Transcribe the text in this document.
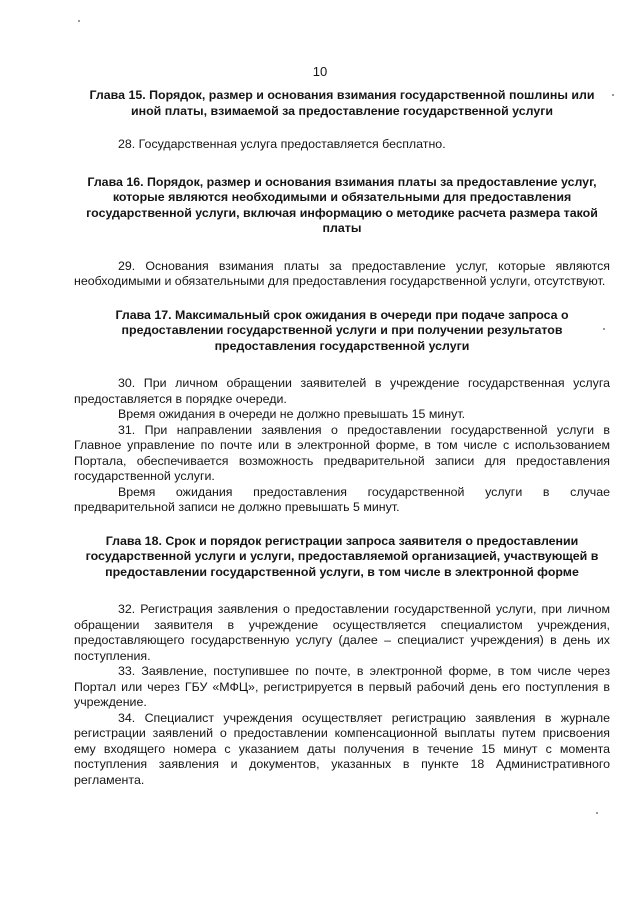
10

Глава 15. Порядок, размер и основания взимания государственной пошлины или иной платы, взимаемой за предоставление государственной услуги

28. Государственная услуга предоставляется бесплатно.

Глава 16. Порядок, размер и основания взимания платы за предоставление услуг, которые являются необходимыми и обязательными для предоставления государственной услуги, включая информацию о методике расчета размера такой платы

29. Основания взимания платы за предоставление услуг, которые являются необходимыми и обязательными для предоставления государственной услуги, отсутствуют.

Глава 17. Максимальный срок ожидания в очереди при подаче запроса о предоставлении государственной услуги и при получении результатов предоставления государственной услуги

30. При личном обращении заявителей в учреждение государственная услуга предоставляется в порядке очереди.

Время ожидания в очереди не должно превышать 15 минут.

31. При направлении заявления о предоставлении государственной услуги в Главное управление по почте или в электронной форме, в том числе с использованием Портала, обеспечивается возможность предварительной записи для предоставления государственной услуги.

Время ожидания предоставления государственной услуги в случае предварительной записи не должно превышать 5 минут.

Глава 18. Срок и порядок регистрации запроса заявителя о предоставлении государственной услуги и услуги, предоставляемой организацией, участвующей в предоставлении государственной услуги, в том числе в электронной форме

32. Регистрация заявления о предоставлении государственной услуги, при личном обращении заявителя в учреждение осуществляется специалистом учреждения, предоставляющего государственную услугу (далее – специалист учреждения) в день их поступления.

33. Заявление, поступившее по почте, в электронной форме, в том числе через Портал или через ГБУ «МФЦ», регистрируется в первый рабочий день его поступления в учреждение.

34. Специалист учреждения осуществляет регистрацию заявления в журнале регистрации заявлений о предоставлении компенсационной выплаты путем присвоения ему входящего номера с указанием даты получения в течение 15 минут с момента поступления заявления и документов, указанных в пункте 18 Административного регламента.
